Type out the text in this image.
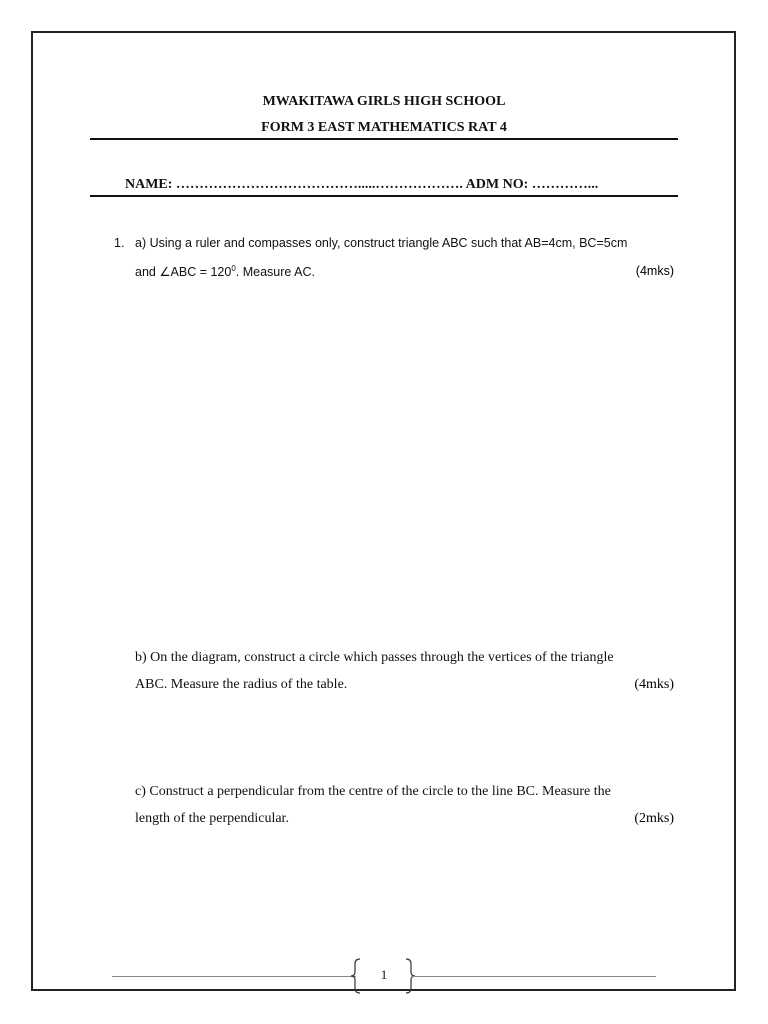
MWAKITAWA GIRLS HIGH SCHOOL
FORM 3 EAST MATHEMATICS RAT 4
NAME: ………………………………….....………………. ADM NO: …………...
1. a) Using a ruler and compasses only, construct triangle ABC such that AB=4cm, BC=5cm
and ∠ABC = $120^0$. Measure AC.	(4mks)
b) On the diagram, construct a circle which passes through the vertices of the triangle
ABC. Measure the radius of the table.	(4mks)
c) Construct a perpendicular from the centre of the circle to the line BC. Measure the
length of the perpendicular.	(2mks)
1
